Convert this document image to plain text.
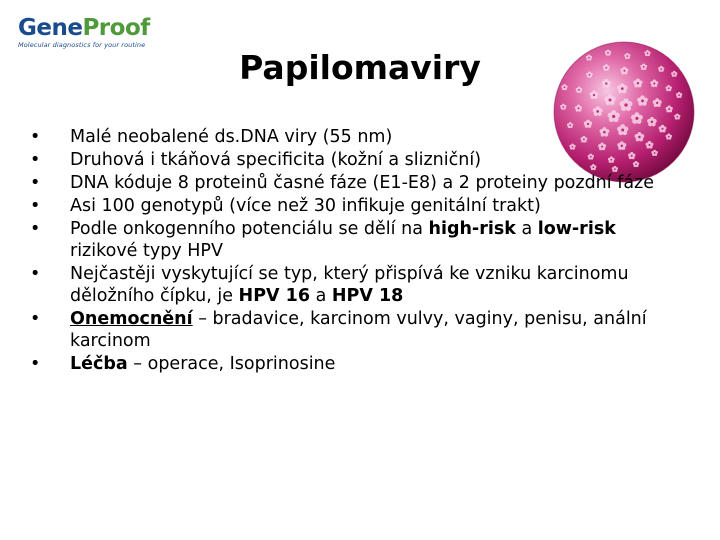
GeneProof
Molecular diagnostics for your routine
Papilomaviry
• Malé neobalené ds.DNA viry (55 nm)
• Druhová i tkáňová specificita (kožní a slizniční)
• DNA kóduje 8 proteinů časné fáze (E1-E8) a 2 proteiny pozdní fáze
• Asi 100 genotypů (více než 30 infikuje genitální trakt)
• Podle onkogenního potenciálu se dělí na high-risk a low-risk rizikové typy HPV
• Nejčastěji vyskytující se typ, který přispívá ke vzniku karcinomu děložního čípku, je HPV 16 a HPV 18
• Onemocnění – bradavice, karcinom vulvy, vaginy, penisu, anální karcinom
• Léčba – operace, Isoprinosine
